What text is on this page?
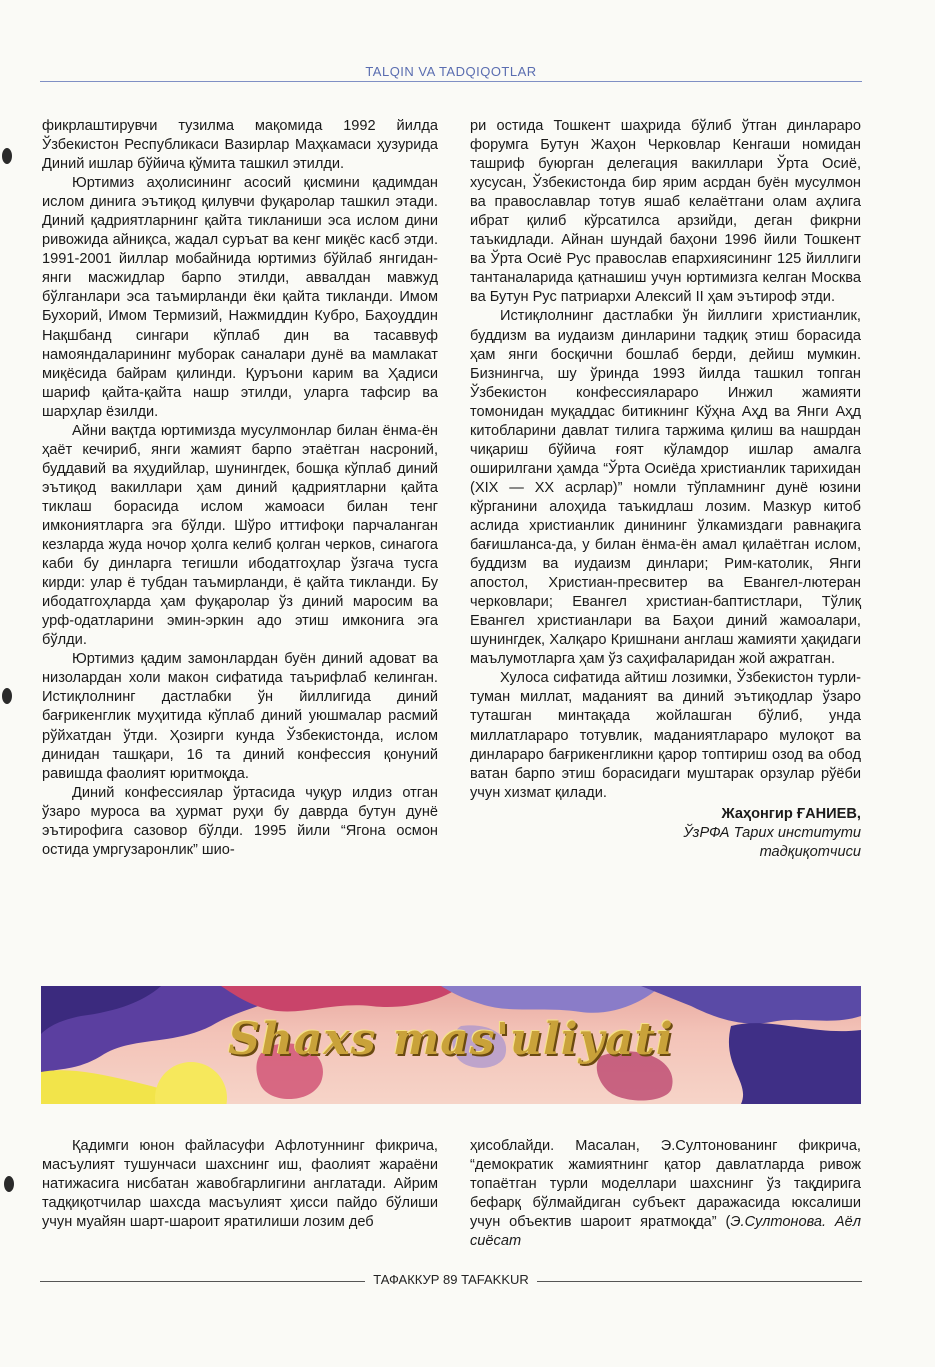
TALQIN VA TADQIQOTLAR

фикрлаштирувчи тузилма мақомида 1992 йилда Ўзбекистон Республикаси Вазирлар Маҳкамаси ҳузурида Диний ишлар бўйича қўмита ташкил этилди.

Юртимиз аҳолисининг асосий қисмини қадимдан ислом динига эътиқод қилувчи фуқаролар ташкил этади. Диний қадриятларнинг қайта тикланиши эса ислом дини ривожида айниқса, жадал суръат ва кенг миқёс касб этди. 1991-2001 йиллар мобайнида юртимиз бўйлаб янгидан-янги масжидлар барпо этилди, аввалдан мавжуд бўлганлари эса таъмирланди ёки қайта тикланди. Имом Бухорий, Имом Термизий, Нажмиддин Кубро, Баҳоуддин Нақшбанд сингари кўплаб дин ва тасаввуф намояндаларининг муборак саналари дунё ва мамлакат миқёсида байрам қилинди. Қуръони карим ва Ҳадиси шариф қайта-қайта нашр этилди, уларга тафсир ва шарҳлар ёзилди.

Айни вақтда юртимизда мусулмонлар билан ёнма-ён ҳаёт кечириб, янги жамият барпо этаётган насроний, буддавий ва яҳудийлар, шунингдек, бошқа кўплаб диний эътиқод вакиллари ҳам диний қадриятларни қайта тиклаш борасида ислом жамоаси билан тенг имкониятларга эга бўлди. Шўро иттифоқи парчаланган кезларда жуда ночор ҳолга келиб қолган черков, синагога каби бу динларга тегишли ибодатгоҳлар ўзгача тусга кирди: улар ё тубдан таъмирланди, ё қайта тикланди. Бу ибодатгоҳларда ҳам фуқаролар ўз диний маросим ва урф-одатларини эмин-эркин адо этиш имконига эга бўлди.

Юртимиз қадим замонлардан буён диний адоват ва низолардан холи макон сифатида таърифлаб келинган. Истиқлолнинг дастлабки ўн йиллигида диний бағрикенглик муҳитида кўплаб диний уюшмалар расмий рўйхатдан ўтди. Ҳозирги кунда Ўзбекистонда, ислом динидан ташқари, 16 та диний конфессия қонуний равишда фаолият юритмоқда.

Диний конфессиялар ўртасида чуқур илдиз отган ўзаро муроса ва ҳурмат руҳи бу даврда бутун дунё эътирофига сазовор бўлди. 1995 йили “Ягона осмон остида умргузаронлик” шио-

ри остида Тошкент шаҳрида бўлиб ўтган динлараро форумга Бутун Жаҳон Черковлар Кенгаши номидан ташриф буюрган делегация вакиллари Ўрта Осиё, хусусан, Ўзбекистонда бир ярим асрдан буён мусулмон ва православлар тотув яшаб келаётгани олам аҳлига ибрат қилиб кўрсатилса арзийди, деган фикрни таъкидлади. Айнан шундай баҳони 1996 йили Тошкент ва Ўрта Осиё Рус православ епархиясининг 125 йиллиги тантаналарида қатнашиш учун юртимизга келган Москва ва Бутун Рус патриархи Алексий II ҳам эътироф этди.

Истиқлолнинг дастлабки ўн йиллиги христианлик, буддизм ва иудаизм динларини тадқиқ этиш борасида ҳам янги босқични бошлаб берди, дейиш мумкин. Бизнингча, шу ўринда 1993 йилда ташкил топган Ўзбекистон конфессиялараро Инжил жамияти томонидан муқаддас битикнинг Кўҳна Аҳд ва Янги Аҳд китобларини давлат тилига таржима қилиш ва нашрдан чиқариш бўйича ғоят кўламдор ишлар амалга оширилгани ҳамда “Ўрта Осиёда христианлик тарихидан (XIX — XX асрлар)” номли тўпламнинг дунё юзини кўрганини алоҳида таъкидлаш лозим. Мазкур китоб аслида христианлик динининг ўлкамиздаги равнақига бағишланса-да, у билан ёнма-ён амал қилаётган ислом, буддизм ва иудаизм динлари; Рим-католик, Янги апостол, Христиан-пресвитер ва Евангел-лютеран черковлари; Евангел христиан-баптистлари, Тўлиқ Евангел христианлари ва Баҳои диний жамоалари, шунингдек, Халқаро Кришнани англаш жамияти ҳақидаги маълумотларга ҳам ўз саҳифаларидан жой ажратган.

Хулоса сифатида айтиш лозимки, Ўзбекистон турли-туман миллат, маданият ва диний эътиқодлар ўзаро туташган минтақада жойлашган бўлиб, унда миллатлараро тотувлик, маданиятлараро мулоқот ва динлараро бағрикенгликни қарор топтириш озод ва обод ватан барпо этиш борасидаги муштарак орзулар рўёби учун хизмат қилади.

Жаҳонгир ҒАНИЕВ,
ЎзРФА Тарих институти
тадқиқотчиси
Shaxs mas'uliyati

Қадимги юнон файласуфи Афлотуннинг фикрича, масъулият тушунчаси шахснинг иш, фаолият жараёни натижасига нисбатан жавобгарлигини англатади. Айрим тадқиқотчилар шахсда масъулият ҳисси пайдо бўлиши учун муайян шарт-шароит яратилиши лозим деб

ҳисоблайди. Масалан, Э.Султонованинг фикрича, “демократик жамиятнинг қатор давлатларда ривож топаётган турли моделлари шахснинг ўз тақдирига бефарқ бўлмайдиган субъект даражасида юксалиши учун объектив шароит яратмоқда” (Э.Султонова. Аёл сиёсат

ТАФАККУР 89 TAFAKKUR
